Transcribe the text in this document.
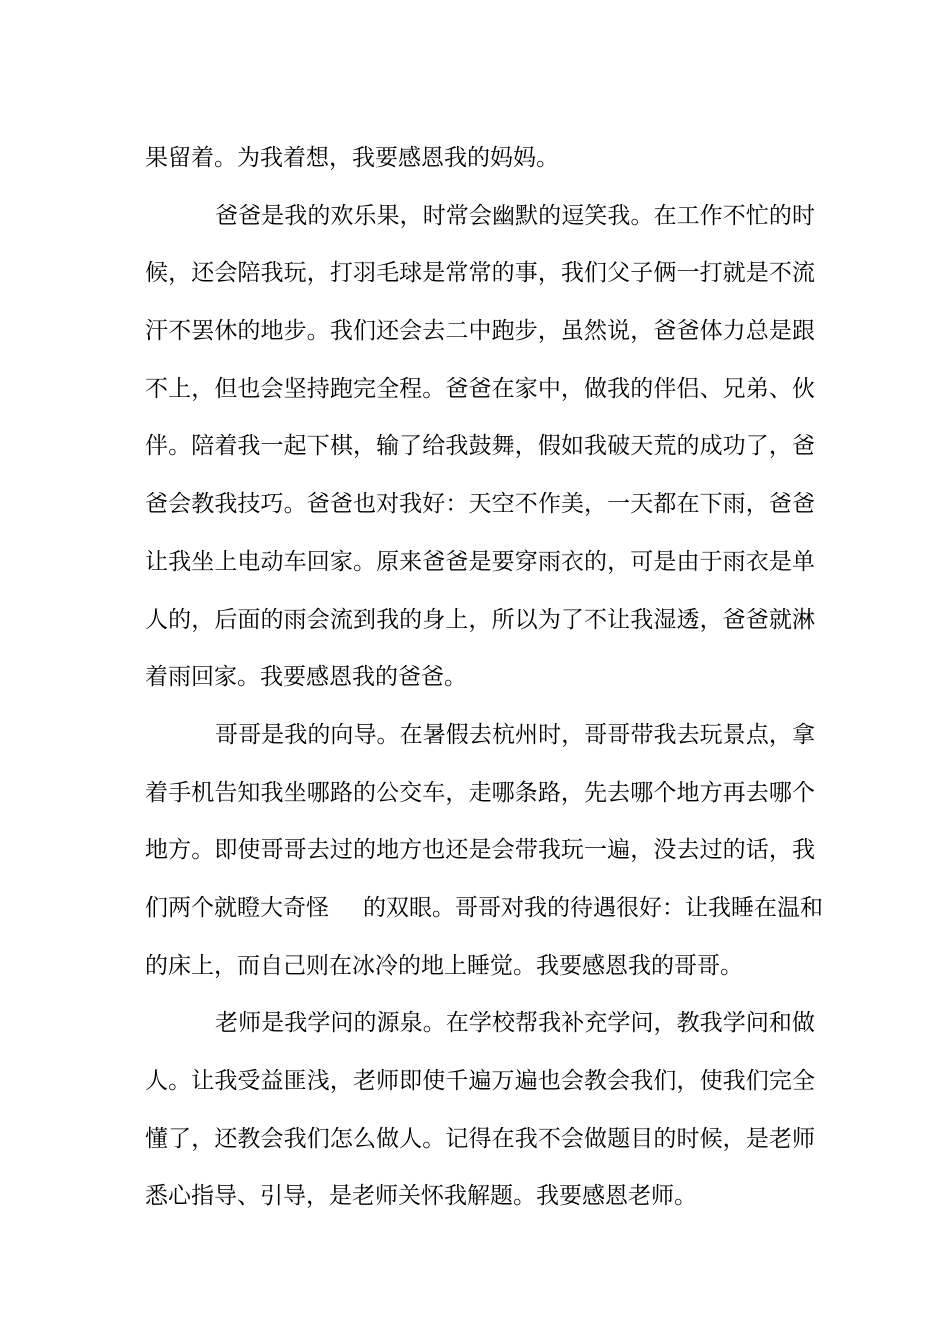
果留着。为我着想，我要感恩我的妈妈。
爸爸是我的欢乐果，时常会幽默的逗笑我。在工作不忙的时
候，还会陪我玩，打羽毛球是常常的事，我们父子俩一打就是不流
汗不罢休的地步。我们还会去二中跑步，虽然说，爸爸体力总是跟
不上，但也会坚持跑完全程。爸爸在家中，做我的伴侣、兄弟、伙
伴。陪着我一起下棋，输了给我鼓舞，假如我破天荒的成功了，爸
爸会教我技巧。爸爸也对我好：天空不作美，一天都在下雨，爸爸
让我坐上电动车回家。原来爸爸是要穿雨衣的，可是由于雨衣是单
人的，后面的雨会流到我的身上，所以为了不让我湿透，爸爸就淋
着雨回家。我要感恩我的爸爸。
哥哥是我的向导。在暑假去杭州时，哥哥带我去玩景点，拿
着手机告知我坐哪路的公交车，走哪条路，先去哪个地方再去哪个
地方。即使哥哥去过的地方也还是会带我玩一遍，没去过的话，我
们两个就瞪大奇怪 的双眼。哥哥对我的待遇很好：让我睡在温和
的床上，而自己则在冰冷的地上睡觉。我要感恩我的哥哥。
老师是我学问的源泉。在学校帮我补充学问，教我学问和做
人。让我受益匪浅，老师即使千遍万遍也会教会我们，使我们完全
懂了，还教会我们怎么做人。记得在我不会做题目的时候，是老师
悉心指导、引导，是老师关怀我解题。我要感恩老师。
